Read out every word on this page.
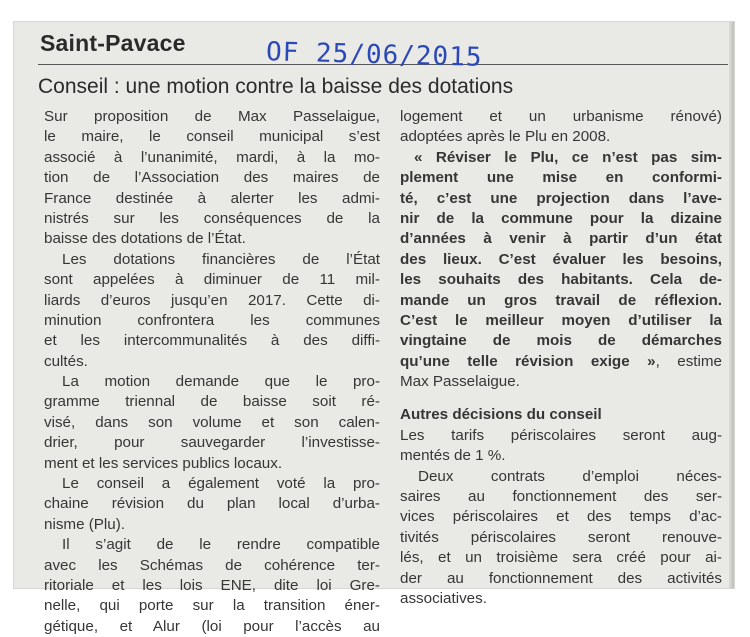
Saint-Pavace	OF 25/06/2015
Conseil : une motion contre la baisse des dotations
Sur proposition de Max Passelaigue,
le maire, le conseil municipal s’est
associé à l’unanimité, mardi, à la mo-
tion de l’Association des maires de
France destinée à alerter les admi-
nistrés sur les conséquences de la
baisse des dotations de l’État.
Les dotations financières de l’État
sont appelées à diminuer de 11 mil-
liards d’euros jusqu’en 2017. Cette di-
minution confrontera les communes
et les intercommunalités à des diffi-
cultés.
La motion demande que le pro-
gramme triennal de baisse soit ré-
visé, dans son volume et son calen-
drier, pour sauvegarder l’investisse-
ment et les services publics locaux.
Le conseil a également voté la pro-
chaine révision du plan local d’urba-
nisme (Plu).
Il s’agit de le rendre compatible
avec les Schémas de cohérence ter-
ritoriale et les lois ENE, dite loi Gre-
nelle, qui porte sur la transition éner-
gétique, et Alur (loi pour l’accès au
logement et un urbanisme rénové)
adoptées après le Plu en 2008.
« Réviser le Plu, ce n’est pas sim-
plement une mise en conformi-
té, c’est une projection dans l’ave-
nir de la commune pour la dizaine
d’années à venir à partir d’un état
des lieux. C’est évaluer les besoins,
les souhaits des habitants. Cela de-
mande un gros travail de réflexion.
C’est le meilleur moyen d’utiliser la
vingtaine de mois de démarches
qu’une telle révision exige », estime
Max Passelaigue.
Autres décisions du conseil
Les tarifs périscolaires seront aug-
mentés de 1 %.
Deux contrats d’emploi néces-
saires au fonctionnement des ser-
vices périscolaires et des temps d’ac-
tivités périscolaires seront renouve-
lés, et un troisième sera créé pour ai-
der au fonctionnement des activités
associatives.
